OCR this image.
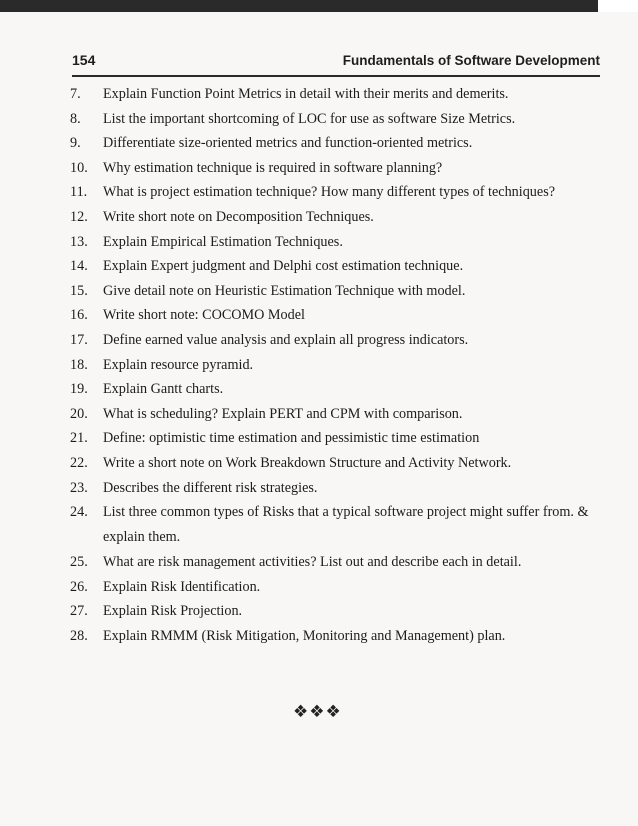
154	Fundamentals of Software Development
7.	Explain Function Point Metrics in detail with their merits and demerits.
8.	List the important shortcoming of LOC for use as software Size Metrics.
9.	Differentiate size-oriented metrics and function-oriented metrics.
10.	Why estimation technique is required in software planning?
11.	What is project estimation technique? How many different types of techniques?
12.	Write short note on Decomposition Techniques.
13.	Explain Empirical Estimation Techniques.
14.	Explain Expert judgment and Delphi cost estimation technique.
15.	Give detail note on Heuristic Estimation Technique with model.
16.	Write short note: COCOMO Model
17.	Define earned value analysis and explain all progress indicators.
18.	Explain resource pyramid.
19.	Explain Gantt charts.
20.	What is scheduling? Explain PERT and CPM with comparison.
21.	Define: optimistic time estimation and pessimistic time estimation
22.	Write a short note on Work Breakdown Structure and Activity Network.
23.	Describes the different risk strategies.
24.	List three common types of Risks that a typical software project might suffer from. & explain them.
25.	What are risk management activities? List out and describe each in detail.
26.	Explain Risk Identification.
27.	Explain Risk Projection.
28.	Explain RMMM (Risk Mitigation, Monitoring and Management) plan.
❖❖❖
